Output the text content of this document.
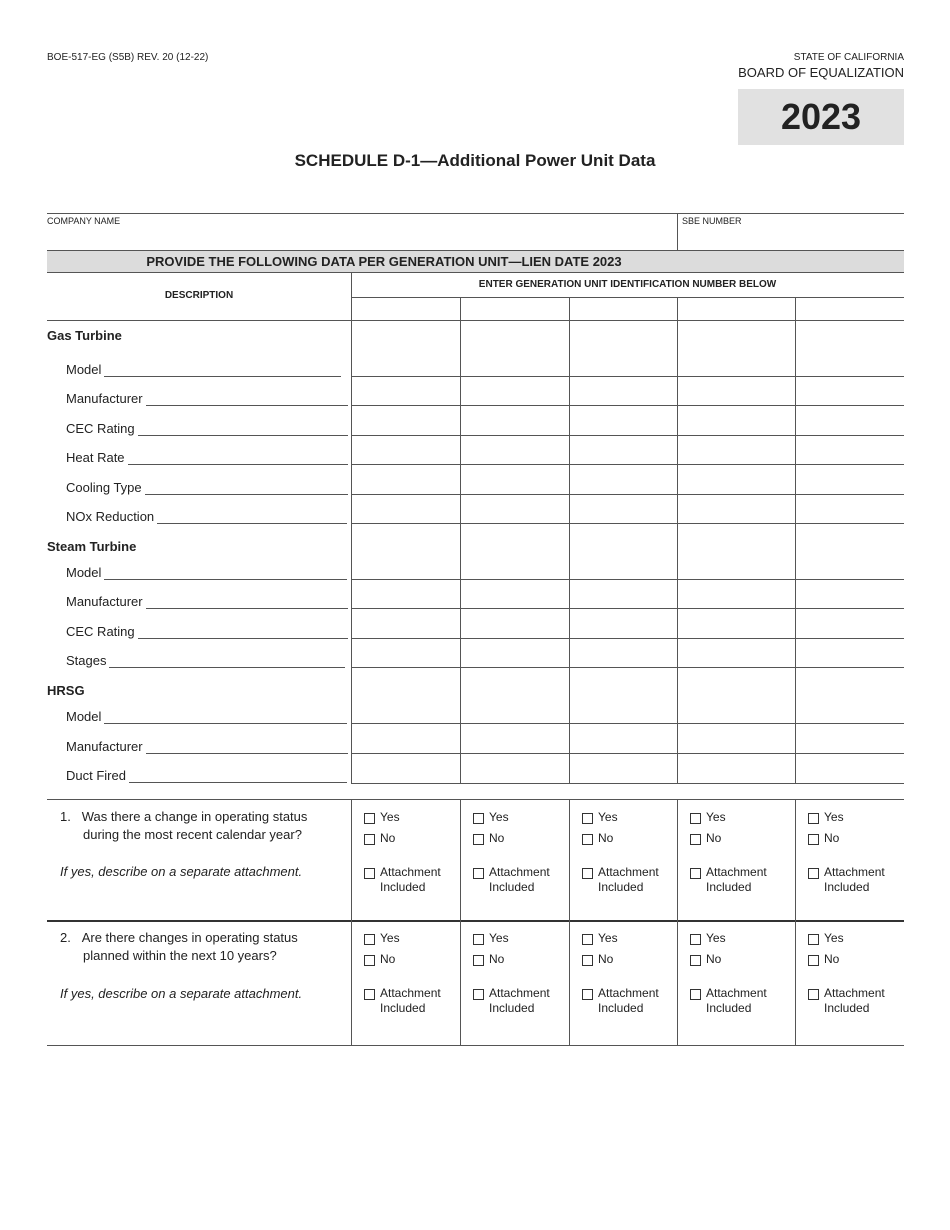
BOE-517-EG (S5B) REV. 20 (12-22)	STATE OF CALIFORNIA
BOARD OF EQUALIZATION
2023
SCHEDULE D-1—Additional Power Unit Data
COMPANY NAME	SBE NUMBER
PROVIDE THE FOLLOWING DATA PER GENERATION UNIT—LIEN DATE 2023
DESCRIPTION
ENTER GENERATION UNIT IDENTIFICATION NUMBER BELOW
Gas Turbine
Steam Turbine
HRSG
Model
Manufacturer
CEC Rating
Heat Rate
Cooling Type
NOx Reduction
Model
Manufacturer
CEC Rating
Stages
Model
Manufacturer
Duct Fired
1. Was there a change in operating status
during the most recent calendar year?
If yes, describe on a separate attachment.
2. Are there changes in operating status
planned within the next 10 years?
If yes, describe on a separate attachment.
Yes
No
Attachment
Included
Yes
No
Attachment
Included
Yes
No
Attachment
Included
Yes
No
Attachment
Included
Yes
No
Attachment
Included
Yes
No
Attachment
Included
Yes
No
Attachment
Included
Yes
No
Attachment
Included
Yes
No
Attachment
Included
Yes
No
Attachment
Included
